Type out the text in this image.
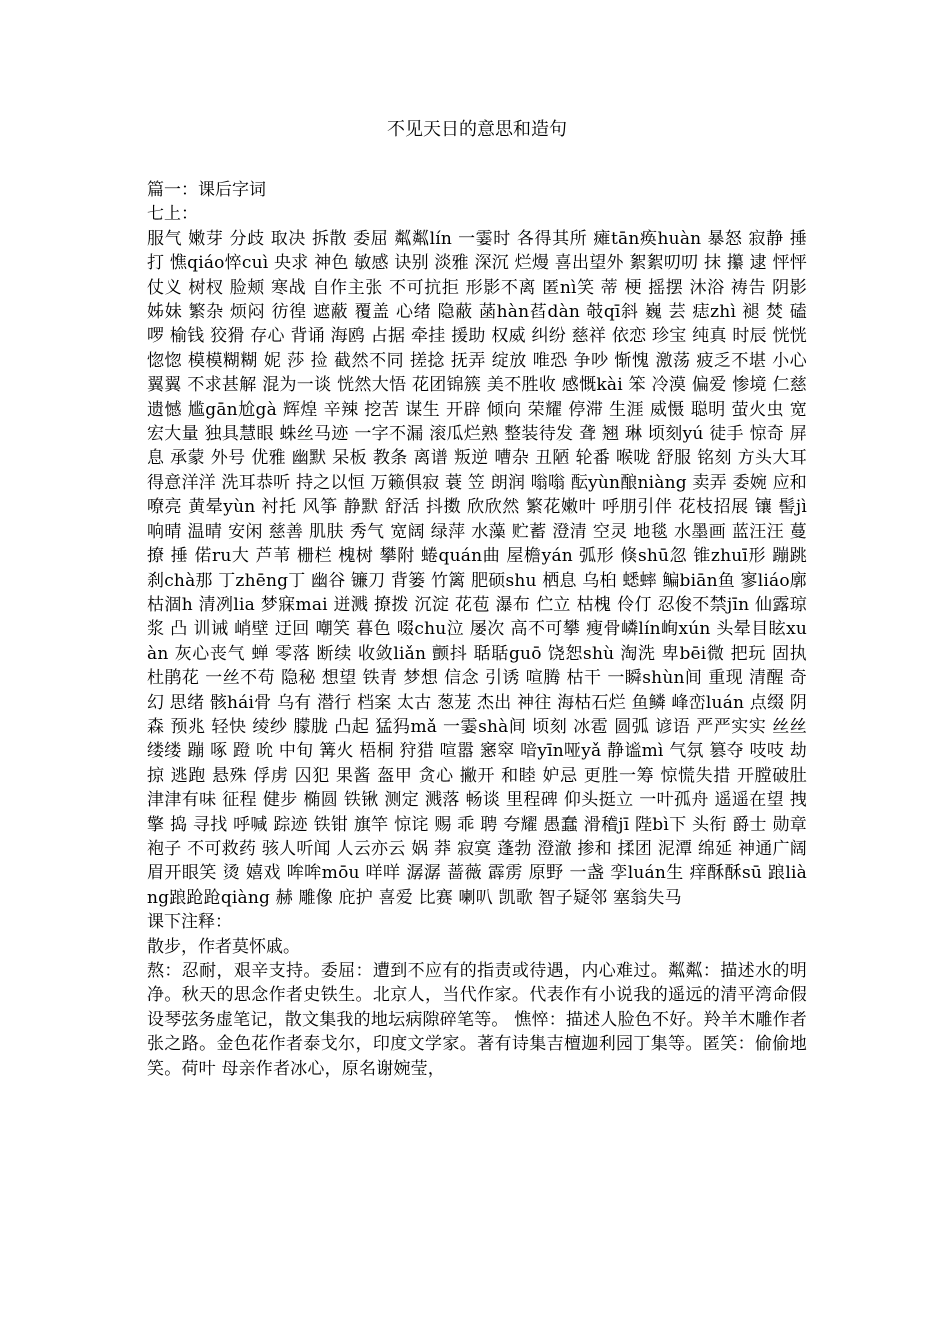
不见天日的意思和造句

篇一：课后字词

七上：

服气 嫩芽 分歧 取决 拆散 委屈 粼粼lín 一霎时 各得其所 瘫tān痪huàn 暴怒 寂静 捶打 憔qiáo悴cuì 央求 神色 敏感 诀别 淡雅 深沉 烂熳 喜出望外 絮絮叨叨 抹 攥 逮 怦怦 仗义 树杈 脸颊 寒战 自作主张 不可抗拒 形影不离 匿nì笑 蒂 梗 摇摆 沐浴 祷告 阴影 姊妹 繁杂 烦闷 彷徨 遮蔽 覆盖 心绪 隐蔽 菡hàn萏dàn 攲qī斜 巍 芸 痣zhì 褪 焚 磕 啰 榆钱 狡猾 存心 背诵 海鸥 占据 牵挂 援助 权威 纠纷 慈祥 依恋 珍宝 纯真 时辰 恍恍惚惚 模模糊糊 妮 莎 捡 截然不同 搓捻 抚弄 绽放 唯恐 争吵 惭愧 激荡 疲乏不堪 小心翼翼 不求甚解 混为一谈 恍然大悟 花团锦簇 美不胜收 感慨kài 笨 冷漠 偏爱 惨境 仁慈 遗憾 尴gān尬gà 辉煌 辛辣 挖苦 谋生 开辟 倾向 荣耀 停滞 生涯 威慑 聪明 萤火虫 宽宏大量 独具慧眼 蛛丝马迹 一字不漏 滚瓜烂熟 整装待发 聋 翘 琳 顷刻yú 徒手 惊奇 屏息 承蒙 外号 优雅 幽默 呆板 教条 离谱 叛逆 嘈杂 丑陋 轮番 喉咙 舒服 铭刻 方头大耳 得意洋洋 洗耳恭听 持之以恒 万籁俱寂 蓑 笠 朗润 嗡嗡 酝yùn酿niàng 卖弄 委婉 应和 嘹亮 黄晕yùn 衬托 风筝 静默 舒活 抖擞 欣欣然 繁花嫩叶 呼朋引伴 花枝招展 镶 髻jì 响晴 温晴 安闲 慈善 肌肤 秀气 宽阔 绿萍 水藻 贮蓄 澄清 空灵 地毯 水墨画 蓝汪汪 蔓 撩 捶 偌ru大 芦苇 栅栏 槐树 攀附 蜷quán曲 屋檐yán 弧形 倏shū忽 锥zhuī形 蹦跳 刹chà那 丁zhēng丁 幽谷 镰刀 背篓 竹篱 肥硕shu 栖息 乌桕 蟋蟀 鳊biān鱼 寥liáo廓 枯涸h 清冽lia 梦寐mai 迸溅 撩拨 沉淀 花苞 瀑布 伫立 枯槐 伶仃 忍俊不禁jīn 仙露琼浆 凸 训诫 峭壁 迂回 嘲笑 暮色 啜chu泣 屡次 高不可攀 瘦骨嶙lín峋xún 头晕目眩xuàn 灰心丧气 蝉 零落 断续 收敛liǎn 颤抖 聒聒guō 饶恕shù 淘洗 卑bēi微 把玩 固执 杜鹃花 一丝不苟 隐秘 想望 铁青 梦想 信念 引诱 喧腾 枯干 一瞬shùn间 重现 清醒 奇幻 思绪 骸hái骨 乌有 潜行 档案 太古 葱茏 杰出 神往 海枯石烂 鱼鳞 峰峦luán 点缀 阴森 预兆 轻快 绫纱 朦胧 凸起 猛犸mǎ 一霎shà间 顷刻 冰雹 圆弧 谚语 严严实实 丝丝缕缕 蹦 啄 蹬 吮 中旬 篝火 梧桐 狩猎 喧嚣 窸窣 喑yīn哑yǎ 静谧mì 气氛 篡夺 吱吱 劫掠 逃跑 悬殊 俘虏 囚犯 果酱 盔甲 贪心 撇开 和睦 妒忌 更胜一筹 惊慌失措 开膛破肚 津津有味 征程 健步 椭圆 铁锹 测定 溅落 畅谈 里程碑 仰头挺立 一叶孤舟 遥遥在望 拽 擎 捣 寻找 呼喊 踪迹 铁钳 旗竿 惊诧 赐 乖 聘 夸耀 愚蠢 滑稽jī 陛bì下 头衔 爵士 勋章 袍子 不可救药 骇人听闻 人云亦云 娲 莽 寂寞 蓬勃 澄澈 掺和 揉团 泥潭 绵延 神通广阔 眉开眼笑 烫 嬉戏 哞哞mōu 咩咩 潺潺 蔷薇 霹雳 原野 一盏 孪luán生 痒酥酥sū 踉liàng踉跄跄qiàng 赫 雕像 庇护 喜爱 比赛 喇叭 凯歌 智子疑邻 塞翁失马

课下注释：

散步，作者莫怀戚。

熬：忍耐，艰辛支持。委屈：遭到不应有的指责或待遇，内心难过。粼粼：描述水的明净。秋天的思念作者史铁生。北京人，当代作家。代表作有小说我的遥远的清平湾命假设琴弦务虚笔记，散文集我的地坛病隙碎笔等。 憔悴：描述人脸色不好。羚羊木雕作者张之路。金色花作者泰戈尔，印度文学家。著有诗集吉檀迦利园丁集等。匿笑：偷偷地笑。荷叶 母亲作者冰心，原名谢婉莹，
